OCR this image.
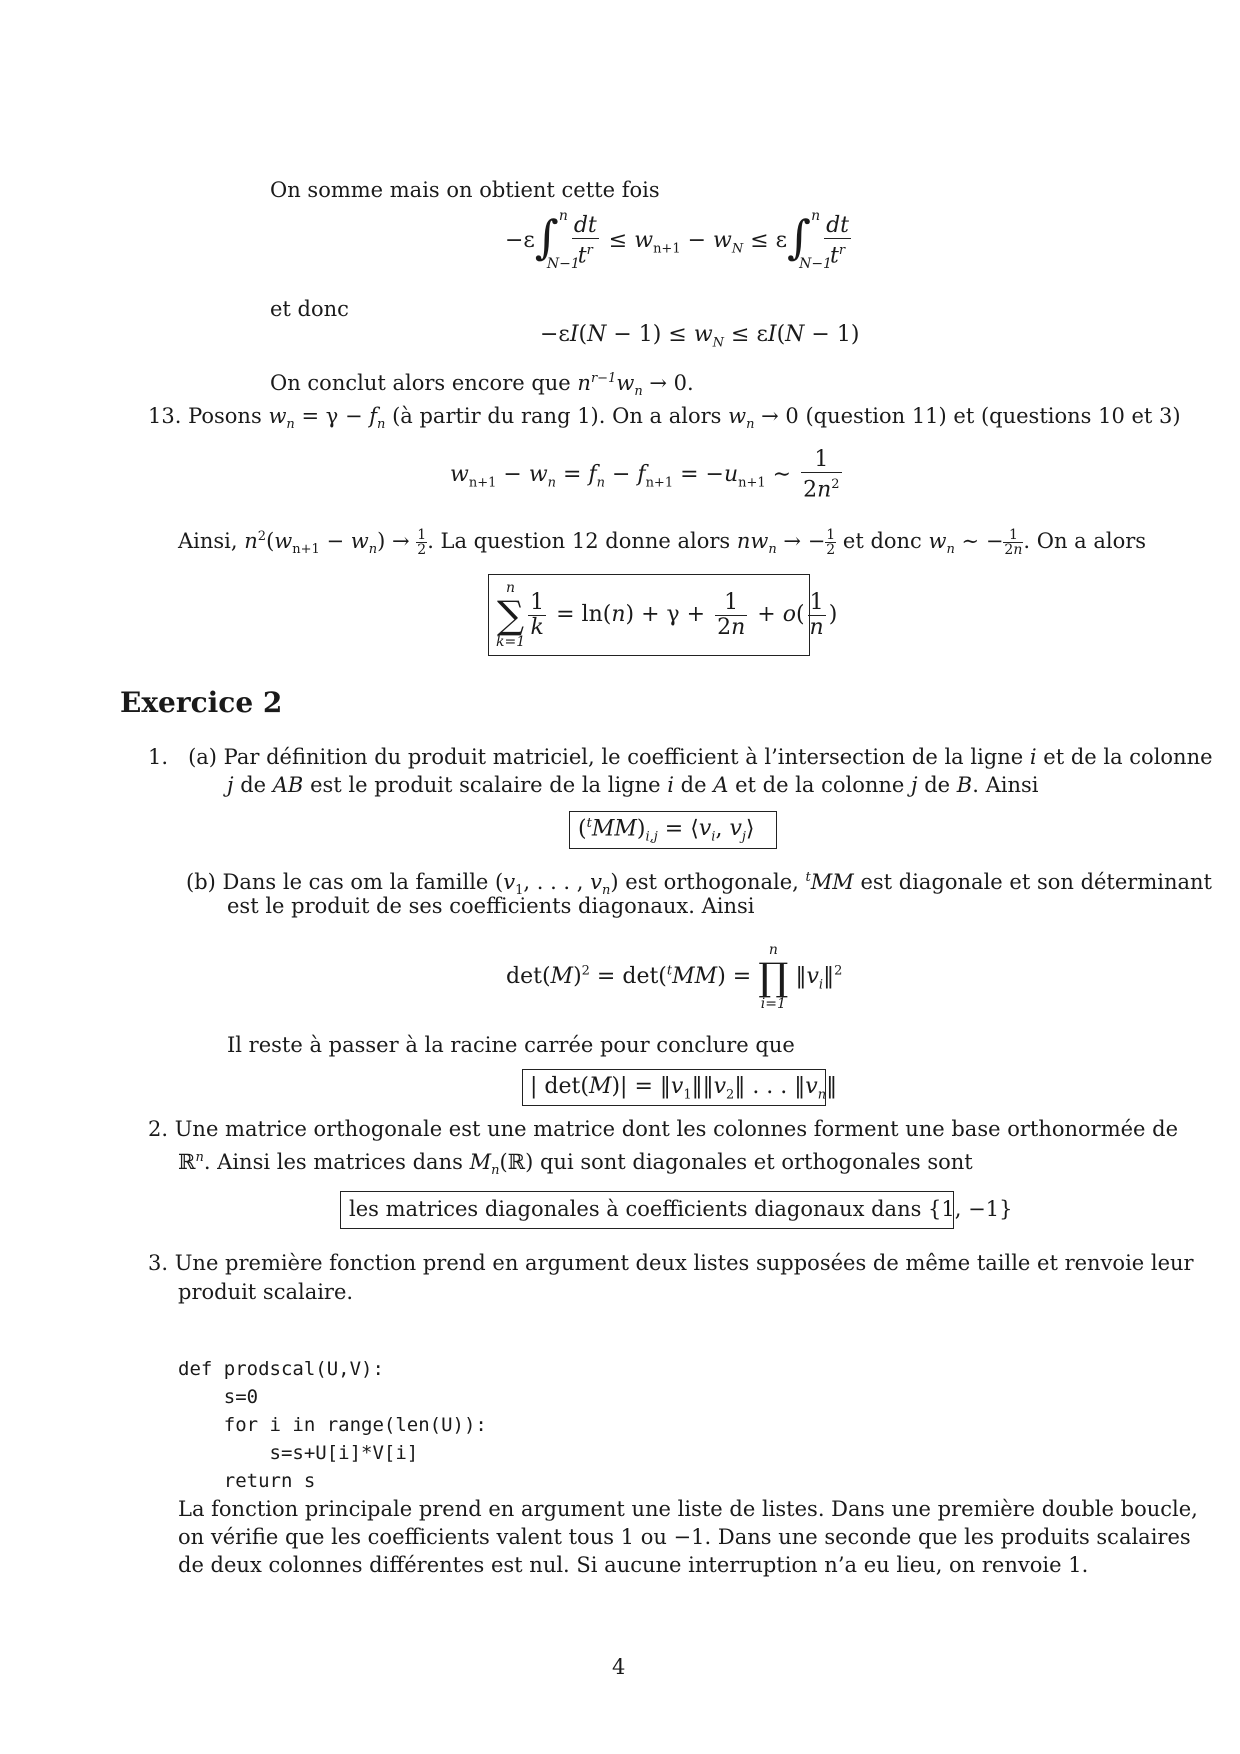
On somme mais on obtient cette fois
−ε ∫ n
N−1
$\frac{dt}{t^r} \le w_{n+1} - w_N \le \varepsilon$ ∫ n
N−1
$\frac{dt}{t^r}$
et donc
$-\varepsilon I(N - 1) \le w_N \le \varepsilon I(N - 1)$
On conclut alors encore que $n^{r-1}w_n \to 0$.
13. Posons $w_n = \gamma - f_n$ (à partir du rang 1). On a alors $w_n \to 0$ (question 11) et (questions 10 et 3)
$w_{n+1} - w_n = f_n - f_{n+1} = -u_{n+1}$ ∼ $\frac{1}{2n^2}$
Ainsi, $n^2(w_{n+1} - w_n) \to \frac{1}{2}$ . La question 12 donne alors $nw_n$ → − $\frac{1}{2}$ et donc $w_n$ ∼ − $\frac{1}{2n}$ . On a alors
n
∑
k=1
$\frac{1}{k} = \ln(n) + \gamma + \frac{1}{2n} + o( \frac{1}{n}$ )
Exercice 2
1. (a) Par définition du produit matriciel, le coefficient à l’intersection de la ligne i et de la colonne
j de AB est le produit scalaire de la ligne i de A et de la colonne j de B. Ainsi
$(^tMM)_{i,j}$ = $⟨v_i$, $v_j⟩$
(b) Dans le cas om la famille ($v_1$, . . . , $v_n$) est orthogonale, $^t$MM est diagonale et son déterminant
est le produit de ses coefficients diagonaux. Ainsi
$\det(M)^2 = \det(^tMM)$ =
n
∏
i=1
$‖v_i‖^2$
Il reste à passer à la racine carrée pour conclure que
| $\det(M)| = ‖v_1‖‖v_2‖$ . . . $‖v_n‖$
2. Une matrice orthogonale est une matrice dont les colonnes forment une base orthonormée de
ℝ$^n$. Ainsi les matrices dans $M_n(ℝ)$ qui sont diagonales et orthogonales sont
les matrices diagonales à coefficients diagonaux dans {1, −1}
3. Une première fonction prend en argument deux listes supposées de même taille et renvoie leur
produit scalaire.

def prodscal(U,V):
s=0
for i in range(len(U)):
s=s+U[i]*V[i]
return s

La fonction principale prend en argument une liste de listes. Dans une première double boucle,
on vérifie que les coefficients valent tous 1 ou −1. Dans une seconde que les produits scalaires
de deux colonnes différentes est nul. Si aucune interruption n’a eu lieu, on renvoie 1.
4
